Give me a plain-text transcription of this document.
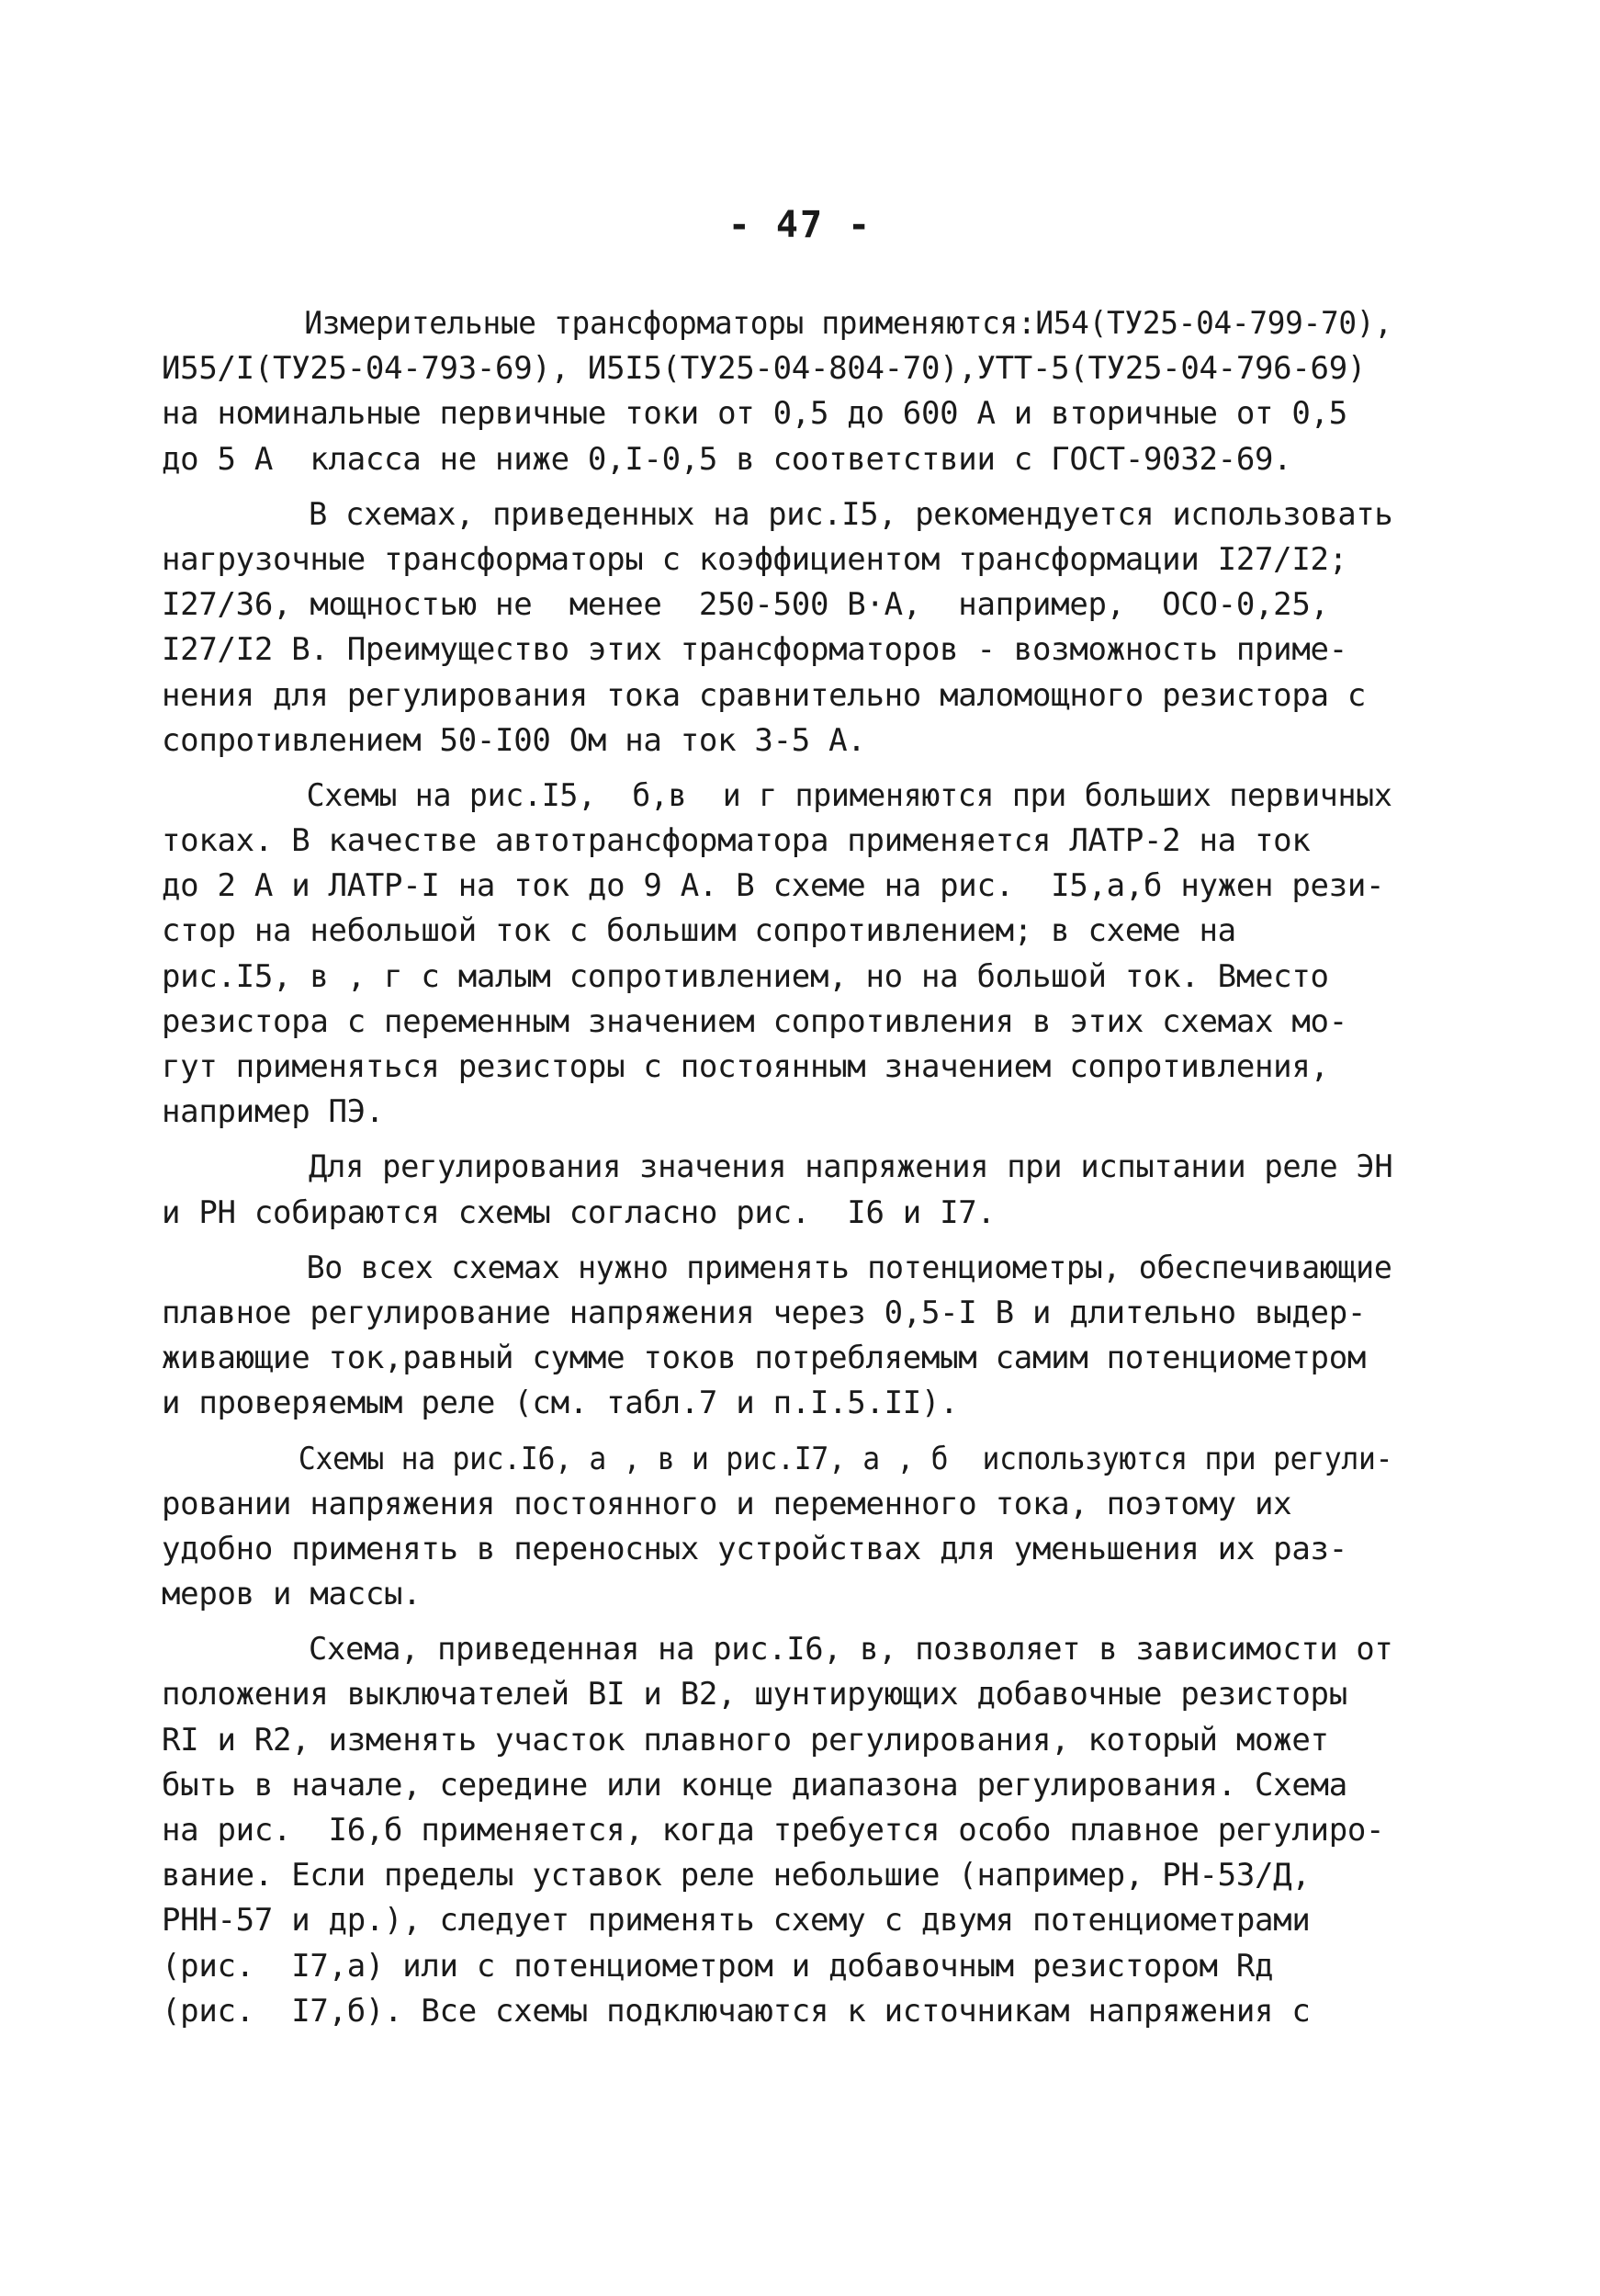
- 47 -
Измерительные трансформаторы применяются:И54(ТУ25-04-799-70),
И55/I(ТУ25-04-793-69), И5I5(ТУ25-04-804-70),УТТ-5(ТУ25-04-796-69)
на номинальные первичные токи от 0,5 до 600 А и вторичные от 0,5
до 5 А  класса не ниже 0,I-0,5 в соответствии с ГОСТ-9032-69.
В схемах, приведенных на рис.I5, рекомендуется использовать
нагрузочные трансформаторы с коэффициентом трансформации I27/I2;
I27/36, мощностью не  менее  250-500 В·А,  например,  ОСО-0,25,
I27/I2 В. Преимущество этих трансформаторов - возможность приме-
нения для регулирования тока сравнительно маломощного резистора с
сопротивлением 50-I00 Ом на ток 3-5 А.
Схемы на рис.I5,  б,в  и г применяются при больших первичных
токах. В качестве автотрансформатора применяется ЛАТР-2 на ток
до 2 А и ЛАТР-I на ток до 9 А. В схеме на рис.  I5,а,б нужен рези-
стор на небольшой ток с большим сопротивлением; в схеме на
рис.I5, в , г с малым сопротивлением, но на большой ток. Вместо
резистора с переменным значением сопротивления в этих схемах мо-
гут применяться резисторы с постоянным значением сопротивления,
например ПЭ.
Для регулирования значения напряжения при испытании реле ЭН
и РН собираются схемы согласно рис.  I6 и I7.
Во всех схемах нужно применять потенциометры, обеспечивающие
плавное регулирование напряжения через 0,5-I В и длительно выдер-
живающие ток,равный сумме токов потребляемым самим потенциометром
и проверяемым реле (см. табл.7 и п.I.5.II).
Схемы на рис.I6, а , в и рис.I7, а , б  используются при регули-
ровании напряжения постоянного и переменного тока, поэтому их
удобно применять в переносных устройствах для уменьшения их раз-
меров и массы.
Схема, приведенная на рис.I6, в, позволяет в зависимости от
положения выключателей ВI и В2, шунтирующих добавочные резисторы
RI и R2, изменять участок плавного регулирования, который может
быть в начале, середине или конце диапазона регулирования. Схема
на рис.  I6,б применяется, когда требуется особо плавное регулиро-
вание. Если пределы уставок реле небольшие (например, РН-53/Д,
РНН-57 и др.), следует применять схему с двумя потенциометрами
(рис.  I7,а) или с потенциометром и добавочным резистором Rд
(рис.  I7,б). Все схемы подключаются к источникам напряжения с
